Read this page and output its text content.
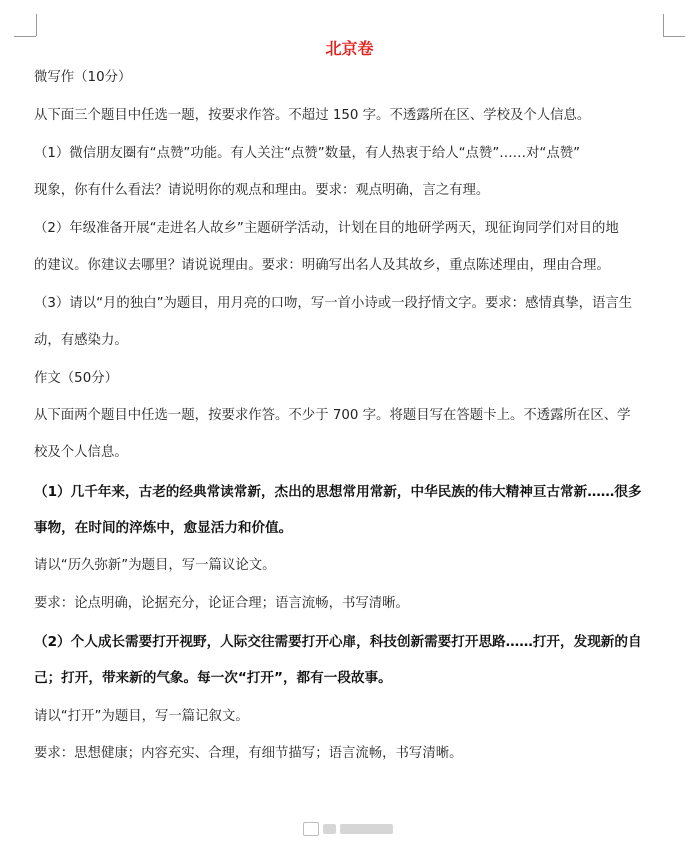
北京卷
微写作（10分）
从下面三个题目中任选一题，按要求作答。不超过 150 字。不透露所在区、学校及个人信息。
（1）微信朋友圈有“点赞”功能。有人关注“点赞”数量，有人热衷于给人“点赞”……对“点赞”
现象，你有什么看法？请说明你的观点和理由。要求：观点明确，言之有理。
（2）年级准备开展“走进名人故乡”主题研学活动，计划在目的地研学两天，现征询同学们对目的地
的建议。你建议去哪里？请说说理由。要求：明确写出名人及其故乡，重点陈述理由，理由合理。
（3）请以“月的独白”为题目，用月亮的口吻，写一首小诗或一段抒情文字。要求：感情真挚，语言生
动，有感染力。
作文（50分）
从下面两个题目中任选一题，按要求作答。不少于 700 字。将题目写在答题卡上。不透露所在区、学
校及个人信息。
（1）几千年来，古老的经典常读常新，杰出的思想常用常新，中华民族的伟大精神亘古常新……很多
事物，在时间的淬炼中，愈显活力和价值。
请以“历久弥新”为题目，写一篇议论文。
要求：论点明确，论据充分，论证合理；语言流畅，书写清晰。
（2）个人成长需要打开视野，人际交往需要打开心扉，科技创新需要打开思路……打开，发现新的自
己；打开，带来新的气象。每一次“打开”，都有一段故事。
请以“打开”为题目，写一篇记叙文。
要求：思想健康；内容充实、合理，有细节描写；语言流畅，书写清晰。
